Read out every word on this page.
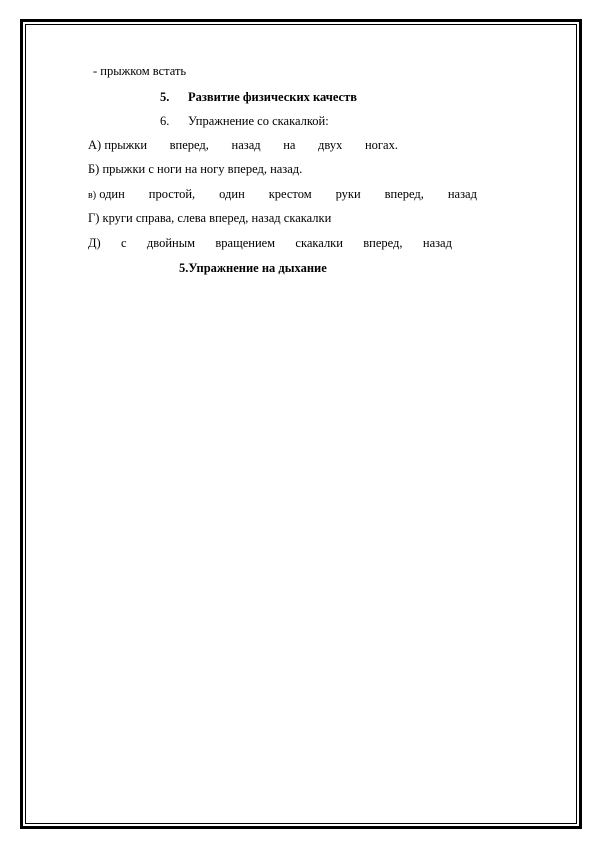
- прыжком встать
5. Развитие физических качеств
6. Упражнение со скакалкой:
А) прыжки вперед, назад на двух ногах.
Б) прыжки с ноги на ногу вперед, назад.
в) один простой, один крестом руки вперед, назад
Г) круги справа, слева вперед, назад скакалки
Д) с двойным вращением скакалки вперед, назад
5.Упражнение на дыхание
